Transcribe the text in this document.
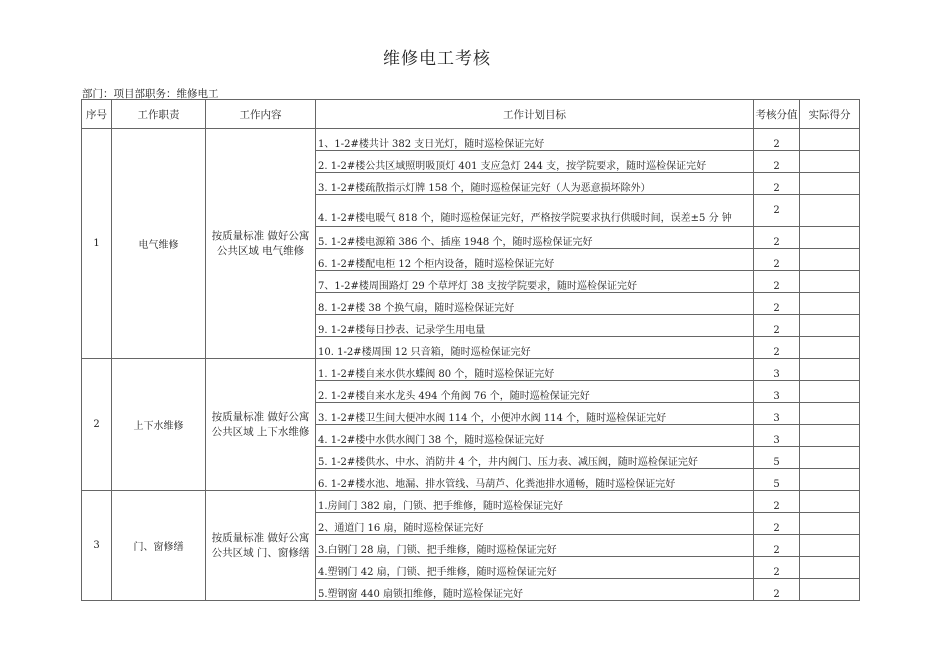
维修电工考核
部门：项目部职务：维修电工
序号	工作职责	工作内容	工作计划目标	考核分值	实际得分
1	电气维修	按质量标准 做好公寓公共区域 电气维修	1、1-2#楼共计 382 支日光灯，随时巡检保证完好	2	
			2. 1-2#楼公共区域照明吸顶灯 401 支应急灯 244 支，按学院要求，随时巡检保证完好	2	
			3. 1-2#楼疏散指示灯牌 158 个，随时巡检保证完好（人为恶意损坏除外）	2	
			4. 1-2#楼电暖气 818 个，随时巡检保证完好，严格按学院要求执行供暖时间，误差±5 分 钟	2	
			5. 1-2#楼电源箱 386 个、插座 1948 个，随时巡检保证完好	2	
			6. 1-2#楼配电柜 12 个柜内设备，随时巡检保证完好	2	
			7、1-2#楼周围路灯 29 个草坪灯 38 支按学院要求，随时巡检保证完好	2	
			8. 1-2#楼 38 个换气扇，随时巡检保证完好	2	
			9. 1-2#楼每日抄表、记录学生用电量	2	
			10. 1-2#楼周围 12 只音箱，随时巡检保证完好	2	
2	上下水维修	按质量标准 做好公寓公共区域 上下水维修	1. 1-2#楼自来水供水蝶阀 80 个，随时巡检保证完好	3	
			2. 1-2#楼自来水龙头 494 个角阀 76 个，随时巡检保证完好	3	
			3. 1-2#楼卫生间大便冲水阀 114 个，小便冲水阀 114 个，随时巡检保证完好	3	
			4. 1-2#楼中水供水阀门 38 个，随时巡检保证完好	3	
			5. 1-2#楼供水、中水、消防井 4 个，井内阀门、压力表、减压阀，随时巡检保证完好	5	
			6. 1-2#楼水池、地漏、排水管线、马葫芦、化粪池排水通畅，随时巡检保证完好	5	
3	门、窗修缮	按质量标准 做好公寓公共区域 门、窗修缮	1.房间门 382 扇，门锁、把手维修，随时巡检保证完好	2	
			2、通道门 16 扇，随时巡检保证完好	2	
			3.白钢门 28 扇，门锁、把手维修，随时巡检保证完好	2	
			4.塑钢门 42 扇，门锁、把手维修，随时巡检保证完好	2	
			5.塑钢窗 440 扇锁扣维修，随时巡检保证完好	2	
